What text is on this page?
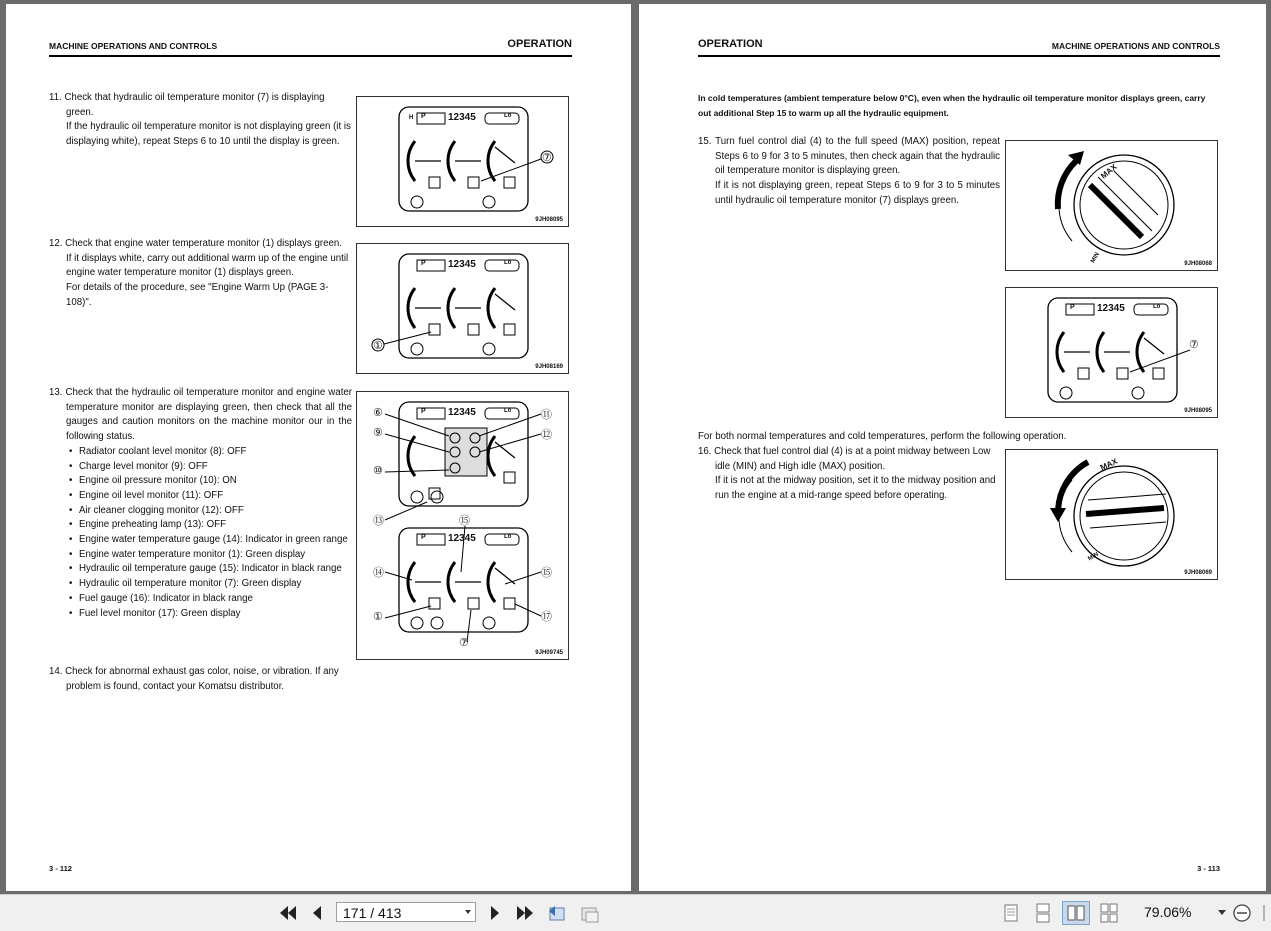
MACHINE OPERATIONS AND CONTROLS	OPERATION

11. Check that hydraulic oil temperature monitor (7) is displaying

green.

If the hydraulic oil temperature monitor is not displaying green (it is displaying white), repeat Steps 6 to 10 until the display is green.

12. Check that engine water temperature monitor (1) displays green.

If it displays white, carry out additional warm up of the engine until engine water temperature monitor (1) displays green.

For details of the procedure, see "Engine Warm Up (PAGE 3-108)".

13. Check that the hydraulic oil temperature monitor and engine water temperature monitor are displaying green, then check that all the gauges and caution monitors on the machine monitor our in the following status.

• Radiator coolant level monitor (8): OFF
• Charge level monitor (9): OFF
• Engine oil pressure monitor (10): ON
• Engine oil level monitor (11): OFF
• Air cleaner clogging monitor (12): OFF
• Engine preheating lamp (13): OFF
• Engine water temperature gauge (14): Indicator in green range
• Engine water temperature monitor (1): Green display
• Hydraulic oil temperature gauge (15): Indicator in black range
• Hydraulic oil temperature monitor (7): Green display
• Fuel gauge (16): Indicator in black range
• Fuel level monitor (17): Green display

14. Check for abnormal exhaust gas color, noise, or vibration. If any problem is found, contact your Komatsu distributor.

H P 12345	Lo
⑦
9JH08095
P 12345	Lo
①
9JH08169
P 12345	Lo
P 12345	Lo
⑥
⑨
⑩
⑪
⑫
⑬	⑮
⑭	⑮
①	⑰
⑦
9JH09745
3 - 112
OPERATION	MACHINE OPERATIONS AND CONTROLS
In cold temperatures (ambient temperature below 0°C), even when the hydraulic oil temperature monitor displays green, carry out additional Step 15 to warm up all the hydraulic equipment.

15. Turn fuel control dial (4) to the full speed (MAX) position, repeat Steps 6 to 9 for 3 to 5 minutes, then check again that the hydraulic oil temperature monitor is displaying green.

If it is not displaying green, repeat Steps 6 to 9 for 3 to 5 minutes until hydraulic oil temperature monitor (7) displays green.

For both normal temperatures and cold temperatures, perform the following operation.

16. Check that fuel control dial (4) is at a point midway between Low idle (MIN) and High idle (MAX) position.

If it is not at the midway position, set it to the midway position and run the engine at a mid-range speed before operating.

MAX
MIN	9JH08068
P 12345	Lo
⑦
9JH08095
MAX
MIN
9JH08069
3 - 113
171 / 413	79.06%
